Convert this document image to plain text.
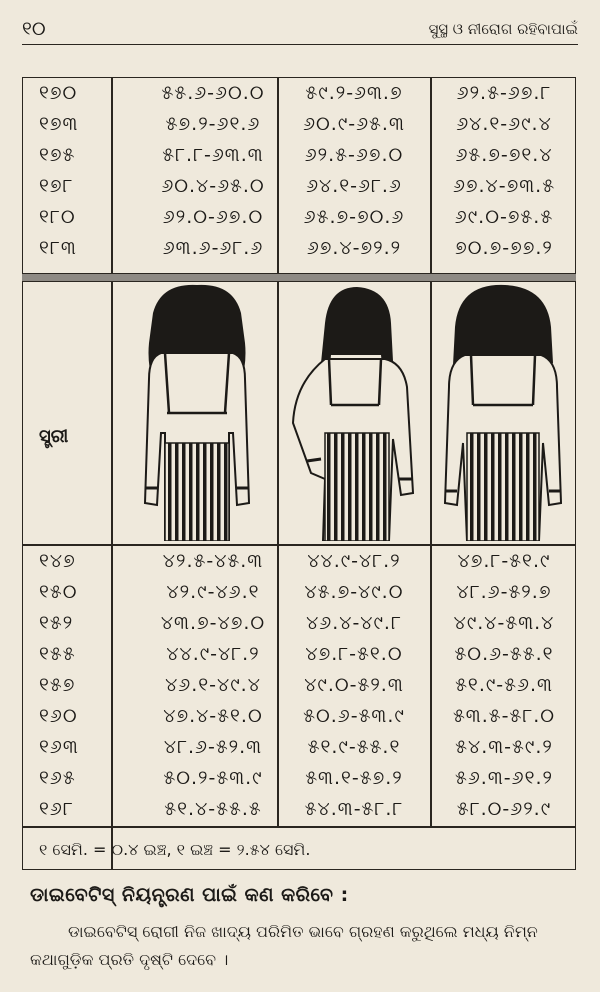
୧୦	ସୁସ୍ଥ ଓ ନୀରୋଗ ରହିବାପାଇଁ
୧୭୦	୫୫.୬-୬୦.୦	୫୯.୨-୬୩.୭	୬୨.୫-୬୭.୮
୧୭୩	୫୭.୨-୬୧.୬	୬୦.୯-୬୫.୩	୬୪.୧-୬୯.୪
୧୭୫	୫୮.୮-୬୩.୩	୬୨.୫-୬୭.୦	୬୫.୭-୭୧.୪
୧୭୮	୬୦.୪-୬୫.୦	୬୪.୧-୬୮.୬	୬୭.୪-୭୩.୫
୧୮୦	୬୨.୦-୬୭.୦	୬୫.୭-୭୦.୬	୬୯.୦-୭୫.୫
୧୮୩	୬୩.୬-୬୮.୬	୬୭.୪-୭୨.୨	୭୦.୭-୭୭.୨
ସ୍ତ୍ରୀ
୧୪୭	୪୨.୫-୪୫.୩	୪୪.୯-୪୮.୨	୪୭.୮-୫୧.୯
୧୫୦	୪୨.୯-୪୬.୧	୪୫.୭-୪୯.୦	୪୮.୬-୫୨.୭
୧୫୨	୪୩.୭-୪୭.୦	୪୬.୪-୪୯.୮	୪୯.୪-୫୩.୪
୧୫୫	୪୪.୯-୪୮.୨	୪୭.୮-୫୧.୦	୫୦.୬-୫୫.୧
୧୫୭	୪୬.୧-୪୯.୪	୪୯.୦-୫୨.୩	୫୧.୯-୫୬.୩
୧୬୦	୪୭.୪-୫୧.୦	୫୦.୬-୫୩.୯	୫୩.୫-୫୮.୦
୧୬୩	୪୮.୬-୫୨.୩	୫୧.୯-୫୫.୧	୫୪.୩-୫୯.୨
୧୬୫	୫୦.୨-୫୩.୯	୫୩.୧-୫୭.୨	୫୬.୩-୬୧.୨
୧୬୮	୫୧.୪-୫୫.୫	୫୪.୩-୫୮.୮	୫୮.୦-୬୨.୯
୧ ସେମି. = ୦.୪ ଇଞ୍ଚ, ୧ ଇଞ୍ଚ = ୨.୫୪ ସେମି.
ଡାଇବେଟିସ୍ ନିୟନ୍ତ୍ରଣ ପାଇଁ କଣ କରିବେ :
ଡାଇବେଟିସ୍ ରୋଗୀ ନିଜ ଖାଦ୍ୟ ପରିମିତ ଭାବେ ଗ୍ରହଣ କରୁଥିଲେ ମଧ୍ୟ ନିମ୍ନ
କଥାଗୁଡ଼ିକ ପ୍ରତି ଦୃଷ୍ଟି ଦେବେ ।
